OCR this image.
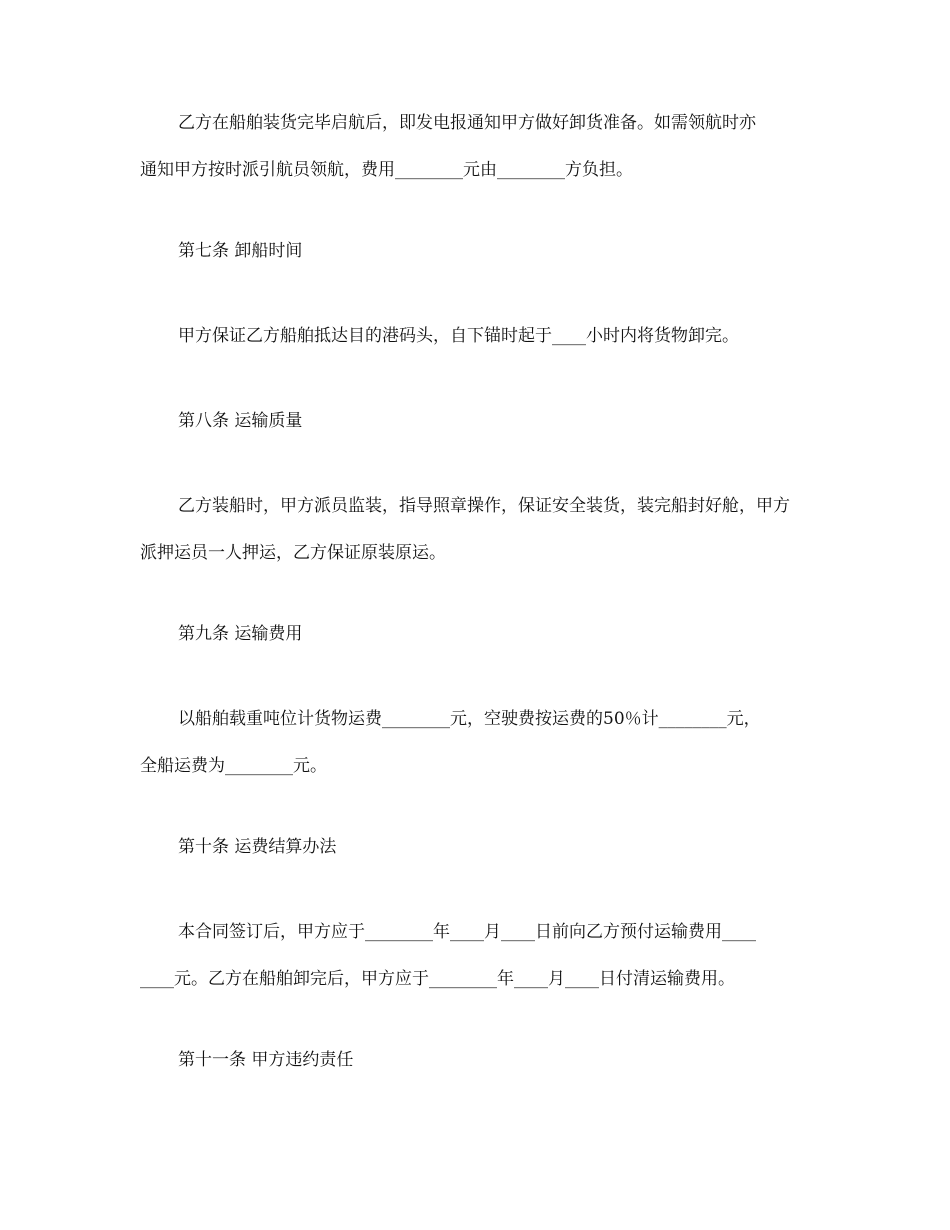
乙方在船舶装货完毕启航后，即发电报通知甲方做好卸货准备。如需领航时亦
通知甲方按时派引航员领航，费用________元由________方负担。
第七条 卸船时间
甲方保证乙方船舶抵达目的港码头，自下锚时起于____小时内将货物卸完。
第八条 运输质量
乙方装船时，甲方派员监装，指导照章操作，保证安全装货，装完船封好舱，甲方
派押运员一人押运，乙方保证原装原运。
第九条 运输费用
以船舶载重吨位计货物运费________元，空驶费按运费的50％计________元，
全船运费为________元。
第十条 运费结算办法
本合同签订后，甲方应于________年____月____日前向乙方预付运输费用____
____元。乙方在船舶卸完后，甲方应于________年____月____日付清运输费用。
第十一条 甲方违约责任
